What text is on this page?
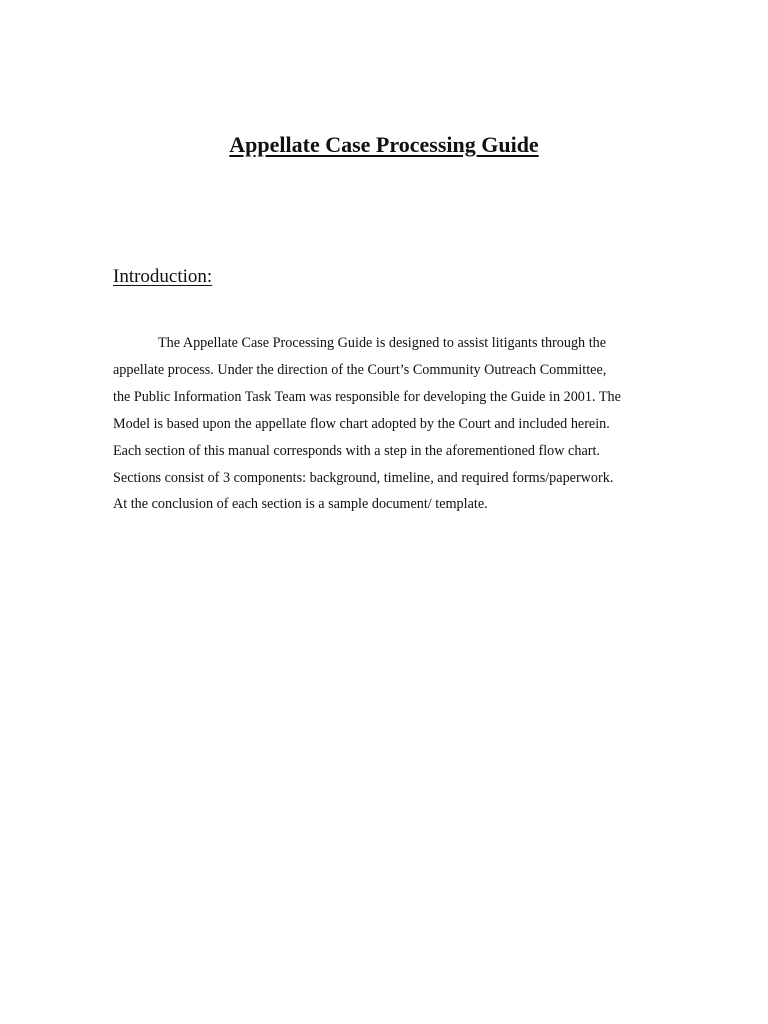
Appellate Case Processing Guide
Introduction:
The Appellate Case Processing Guide is designed to assist litigants through the
appellate process. Under the direction of the Court’s Community Outreach Committee,
the Public Information Task Team was responsible for developing the Guide in 2001. The
Model is based upon the appellate flow chart adopted by the Court and included herein.
Each section of this manual corresponds with a step in the aforementioned flow chart.
Sections consist of 3 components: background, timeline, and required forms/paperwork.
At the conclusion of each section is a sample document/ template.
